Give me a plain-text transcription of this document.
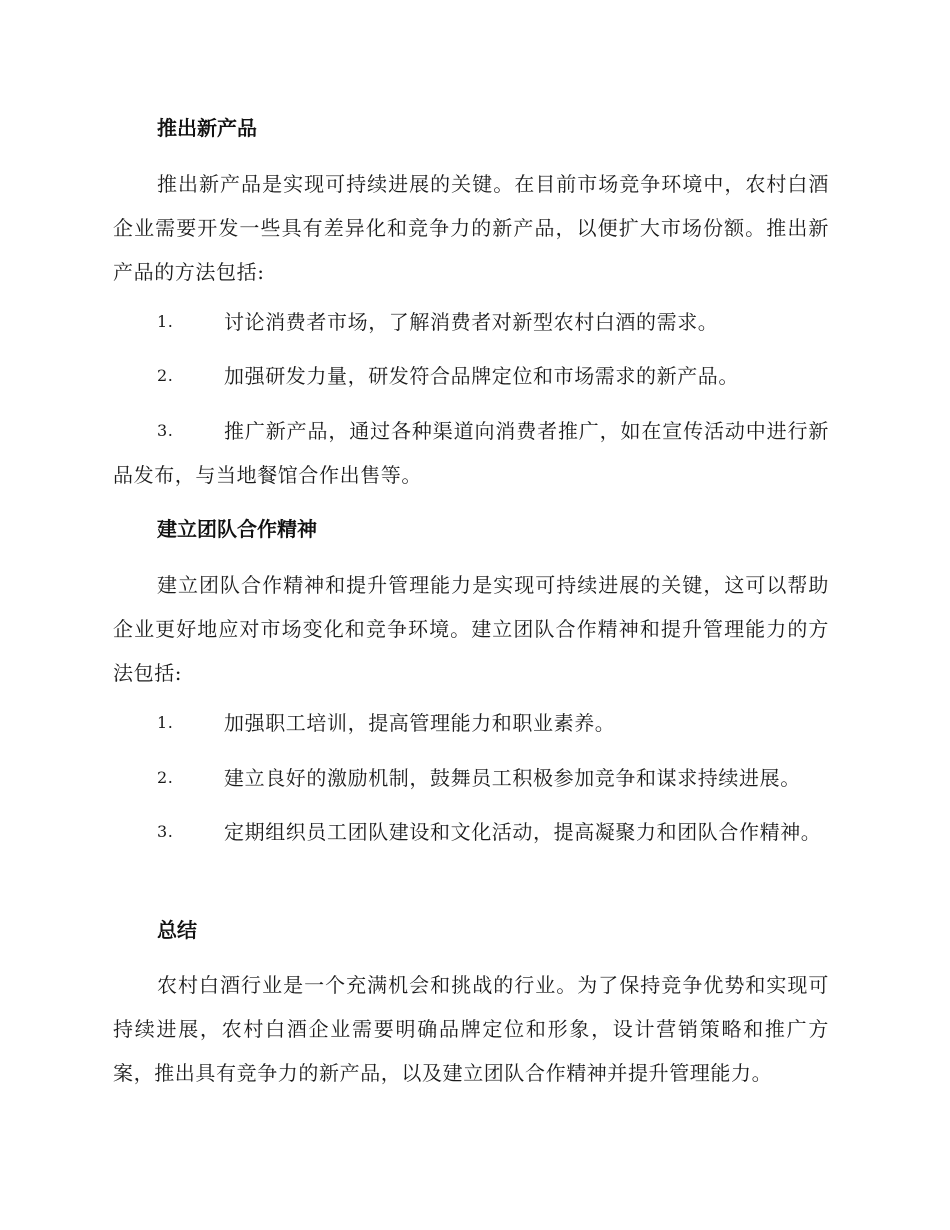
推出新产品
推出新产品是实现可持续进展的关键。在目前市场竞争环境中，农村白酒企业需要开发一些具有差异化和竞争力的新产品，以便扩大市场份额。推出新产品的方法包括:
1.	讨论消费者市场，了解消费者对新型农村白酒的需求。
2.	加强研发力量，研发符合品牌定位和市场需求的新产品。
3.	推广新产品，通过各种渠道向消费者推广，如在宣传活动中进行新品发布，与当地餐馆合作出售等。
建立团队合作精神
建立团队合作精神和提升管理能力是实现可持续进展的关键，这可以帮助企业更好地应对市场变化和竞争环境。建立团队合作精神和提升管理能力的方法包括:
1.	加强职工培训，提高管理能力和职业素养。
2.	建立良好的激励机制，鼓舞员工积极参加竞争和谋求持续进展。
3.	定期组织员工团队建设和文化活动，提高凝聚力和团队合作精神。
总结
农村白酒行业是一个充满机会和挑战的行业。为了保持竞争优势和实现可持续进展，农村白酒企业需要明确品牌定位和形象，设计营销策略和推广方案，推出具有竞争力的新产品，以及建立团队合作精神并提升管理能力。
